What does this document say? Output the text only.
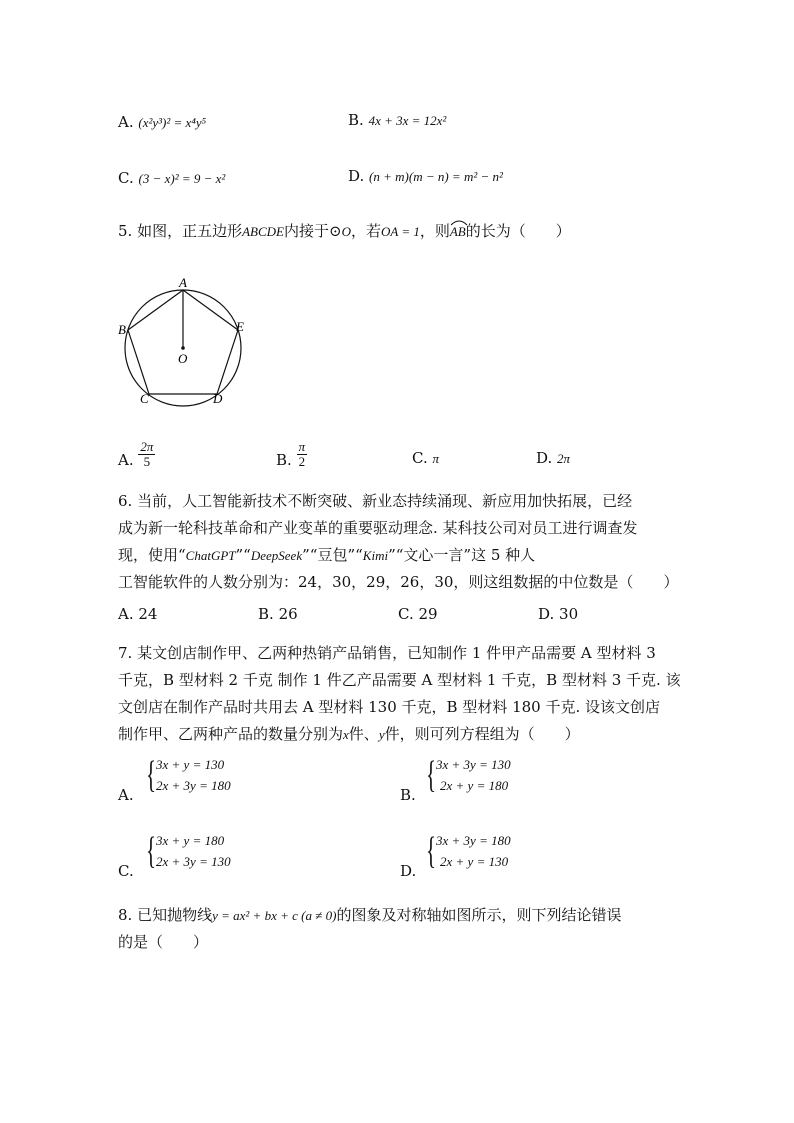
A. (x²y³)² = x⁴y⁵	B. 4x + 3x = 12x²
C. (3 − x)² = 9 − x²	D. (n + m)(m − n) = m² − n²
5. 如图，正五边形ABCDE内接于⊙O，若OA = 1，则AB
的长为（　　）
A
B
C	D
E
O
A.
$\frac{2\pi}{5}$	B.
$\frac{\pi}{2}$	C. π	D. 2π
6. 当前，人工智能新技术不断突破、新业态持续涌现、新应用加快拓展，已经
成为新一轮科技革命和产业变革的重要驱动理念. 某科技公司对员工进行调查发
现，使用“ChatGPT”“DeepSeek”“豆包”“Kimi”“文心一言”这 5 种人
工智能软件的人数分别为：24，30，29，26，30，则这组数据的中位数是（　　）
A. 24	B. 26	C. 29	D. 30
7. 某文创店制作甲、乙两种热销产品销售，已知制作 1 件甲产品需要 A 型材料 3
千克，B 型材料 2 千克 制作 1 件乙产品需要 A 型材料 1 千克，B 型材料 3 千克. 该
文创店在制作产品时共用去 A 型材料 130 千克，B 型材料 180 千克. 设该文创店
制作甲、乙两种产品的数量分别为x件、y件，则可列方程组为（　　）
A. { 3x + y = 130
2x + 3y = 180
B. { 3x + 3y = 130
2x + y = 180
C. { 3x + y = 180
2x + 3y = 130
D. { 3x + 3y = 180
2x + y = 130
8. 已知抛物线y = ax² + bx + c (a ≠ 0)的图象及对称轴如图所示，则下列结论错误
的是（　　）
